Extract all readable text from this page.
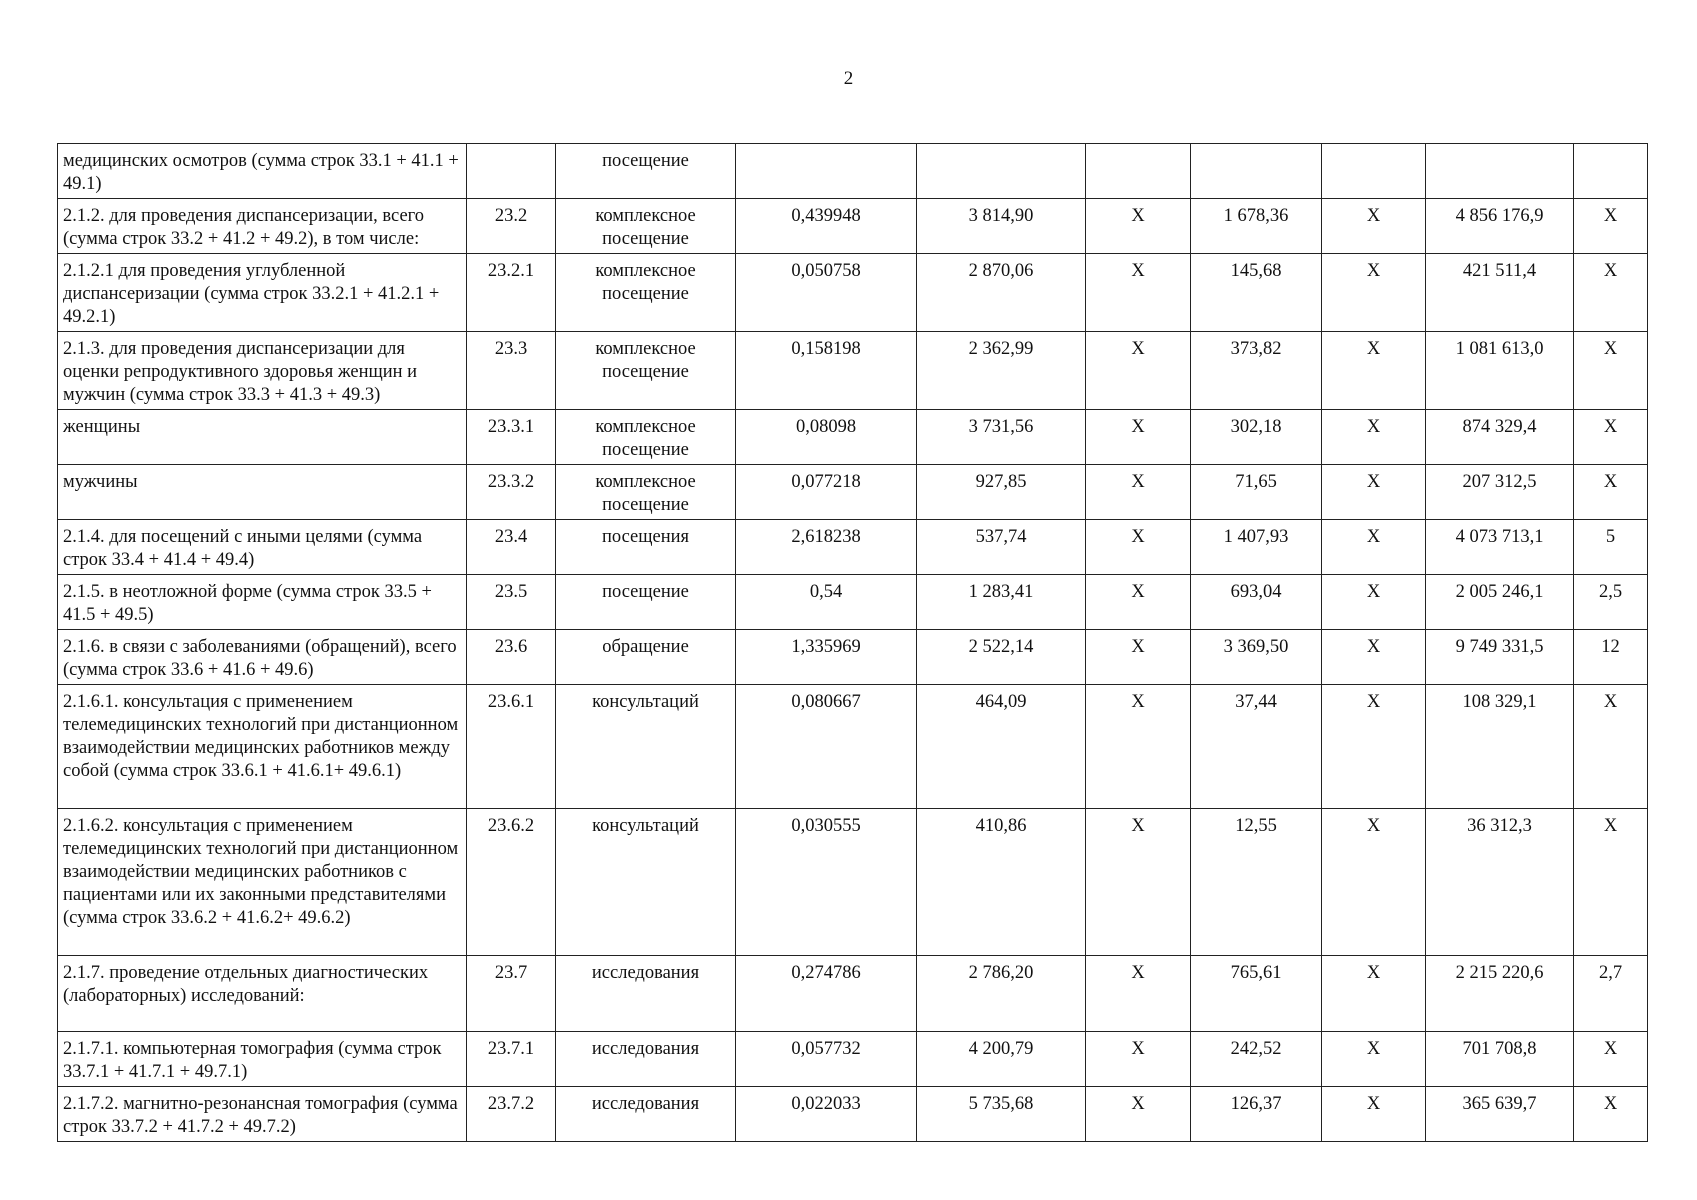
2
медицинских осмотров (сумма строк 33.1 + 41.1 + 49.1)		посещение							
2.1.2. для проведения диспансеризации, всего (сумма строк 33.2 + 41.2 + 49.2), в том числе:	23.2	комплексное посещение	0,439948	3 814,90	X	1 678,36	X	4 856 176,9	X
2.1.2.1 для проведения углубленной диспансеризации (сумма строк 33.2.1 + 41.2.1 + 49.2.1)	23.2.1	комплексное посещение	0,050758	2 870,06	X	145,68	X	421 511,4	X
2.1.3. для проведения диспансеризации для оценки репродуктивного здоровья женщин и мужчин (сумма строк 33.3 + 41.3 + 49.3)	23.3	комплексное посещение	0,158198	2 362,99	X	373,82	X	1 081 613,0	X
женщины	23.3.1	комплексное посещение	0,08098	3 731,56	X	302,18	X	874 329,4	X
мужчины	23.3.2	комплексное посещение	0,077218	927,85	X	71,65	X	207 312,5	X
2.1.4. для посещений с иными целями (сумма строк 33.4 + 41.4 + 49.4)	23.4	посещения	2,618238	537,74	X	1 407,93	X	4 073 713,1	5
2.1.5. в неотложной форме (сумма строк 33.5 + 41.5 + 49.5)	23.5	посещение	0,54	1 283,41	X	693,04	X	2 005 246,1	2,5
2.1.6. в связи с заболеваниями (обращений), всего (сумма строк 33.6 + 41.6 + 49.6)	23.6	обращение	1,335969	2 522,14	X	3 369,50	X	9 749 331,5	12
2.1.6.1. консультация с применением телемедицинских технологий при дистанционном взаимодействии медицинских работников между собой (сумма строк 33.6.1 + 41.6.1+ 49.6.1)	23.6.1	консультаций	0,080667	464,09	X	37,44	X	108 329,1	X
2.1.6.2. консультация с применением телемедицинских технологий при дистанционном взаимодействии медицинских работников с пациентами или их законными представителями (сумма строк 33.6.2 + 41.6.2+ 49.6.2)	23.6.2	консультаций	0,030555	410,86	X	12,55	X	36 312,3	X
2.1.7. проведение отдельных диагностических (лабораторных) исследований:	23.7	исследования	0,274786	2 786,20	X	765,61	X	2 215 220,6	2,7
2.1.7.1. компьютерная томография (сумма строк 33.7.1 + 41.7.1 + 49.7.1)	23.7.1	исследования	0,057732	4 200,79	X	242,52	X	701 708,8	X
2.1.7.2. магнитно-резонансная томография (сумма строк 33.7.2 + 41.7.2 + 49.7.2)	23.7.2	исследования	0,022033	5 735,68	X	126,37	X	365 639,7	X
